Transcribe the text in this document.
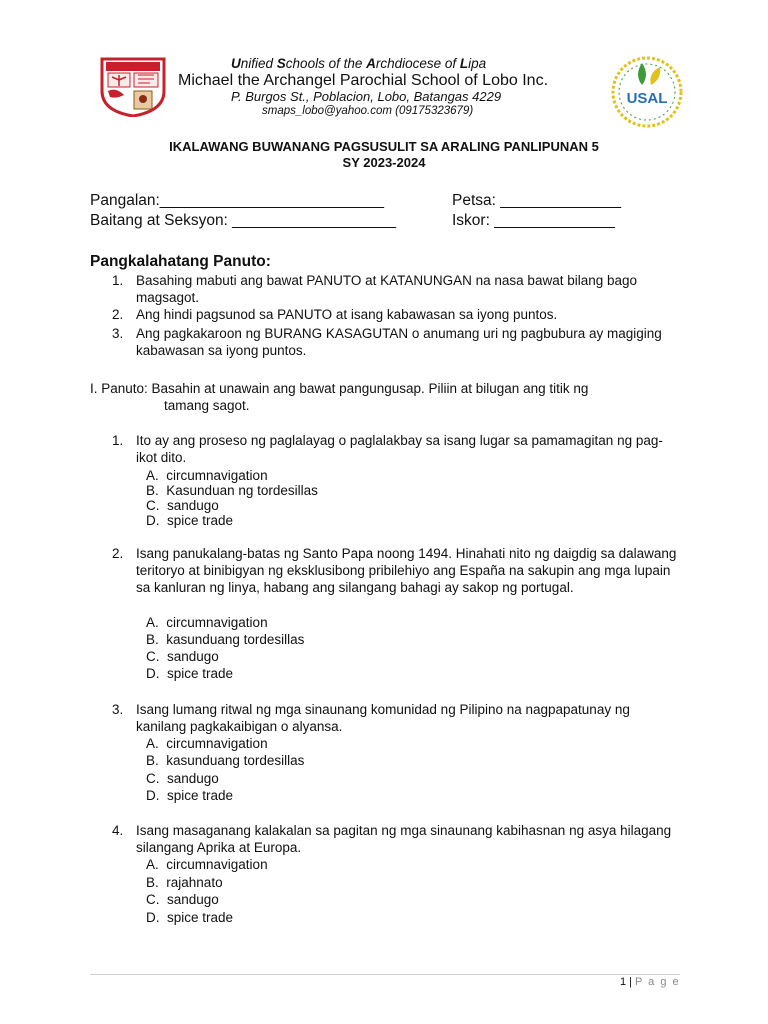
Unified Schools of the Archdiocese of Lipa
Michael the Archangel Parochial School of Lobo Inc.
P. Burgos St., Poblacion, Lobo, Batangas 4229
smaps_lobo@yahoo.com (09175323679)
USAL
IKALAWANG BUWANANG PAGSUSULIT SA ARALING PANLIPUNAN 5
SY 2023-2024
Pangalan:__________________________	Petsa: ______________
Baitang at Seksyon: ___________________	Iskor: ______________
Pangkalahatang Panuto:
1. Basahing mabuti ang bawat PANUTO at KATANUNGAN na nasa bawat bilang bago magsagot.
2. Ang hindi pagsunod sa PANUTO at isang kabawasan sa iyong puntos.
3. Ang pagkakaroon ng BURANG KASAGUTAN o anumang uri ng pagbubura ay magiging kabawasan sa iyong puntos.
I. Panuto: Basahin at unawain ang bawat pangungusap. Piliin at bilugan ang titik ng
tamang sagot.
1. Ito ay ang proseso ng paglalayag o paglalakbay sa isang lugar sa pamamagitan ng pag-ikot dito.
A. circumnavigation
B. Kasunduan ng tordesillas
C. sandugo
D. spice trade
2. Isang panukalang-batas ng Santo Papa noong 1494. Hinahati nito ng daigdig sa dalawang teritoryo at binibigyan ng eksklusibong pribilehiyo ang España na sakupin ang mga lupain sa kanluran ng linya, habang ang silangang bahagi ay sakop ng portugal.
A. circumnavigation
B. kasunduang tordesillas
C. sandugo
D. spice trade
3. Isang lumang ritwal ng mga sinaunang komunidad ng Pilipino na nagpapatunay ng kanilang pagkakaibigan o alyansa.
A. circumnavigation
B. kasunduang tordesillas
C. sandugo
D. spice trade
4. Isang masaganang kalakalan sa pagitan ng mga sinaunang kabihasnan ng asya hilagang silangang Aprika at Europa.
A. circumnavigation
B. rajahnato
C. sandugo
D. spice trade
1 | P a g e
